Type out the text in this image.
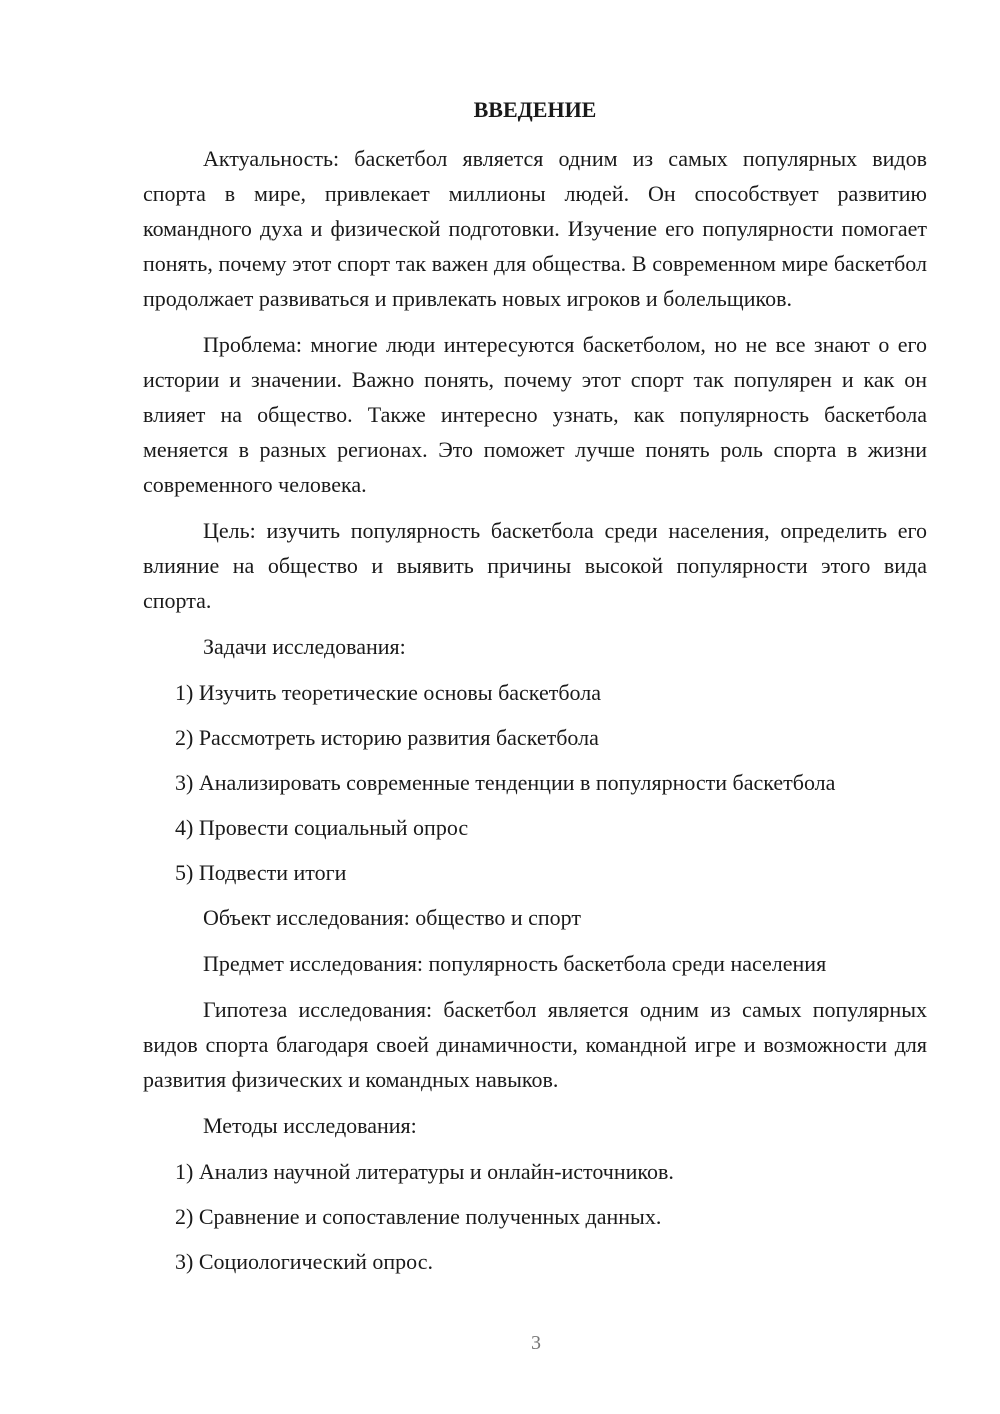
ВВЕДЕНИЕ

Актуальность: баскетбол является одним из самых популярных видов спорта в мире, привлекает миллионы людей. Он способствует развитию командного духа и физической подготовки. Изучение его популярности помогает понять, почему этот спорт так важен для общества. В современном мире баскетбол продолжает развиваться и привлекать новых игроков и болельщиков.

Проблема: многие люди интересуются баскетболом, но не все знают о его истории и значении. Важно понять, почему этот спорт так популярен и как он влияет на общество. Также интересно узнать, как популярность баскетбола меняется в разных регионах. Это поможет лучше понять роль спорта в жизни современного человека.

Цель: изучить популярность баскетбола среди населения, определить его влияние на общество и выявить причины высокой популярности этого вида спорта.

Задачи исследования:

1) Изучить теоретические основы баскетбола

2) Рассмотреть историю развития баскетбола

3) Анализировать современные тенденции в популярности баскетбола

4) Провести социальный опрос

5) Подвести итоги

Объект исследования: общество и спорт

Предмет исследования: популярность баскетбола среди населения

Гипотеза исследования: баскетбол является одним из самых популярных видов спорта благодаря своей динамичности, командной игре и возможности для развития физических и командных навыков.

Методы исследования:

1) Анализ научной литературы и онлайн-источников.

2) Сравнение и сопоставление полученных данных.

3) Социологический опрос.

3
